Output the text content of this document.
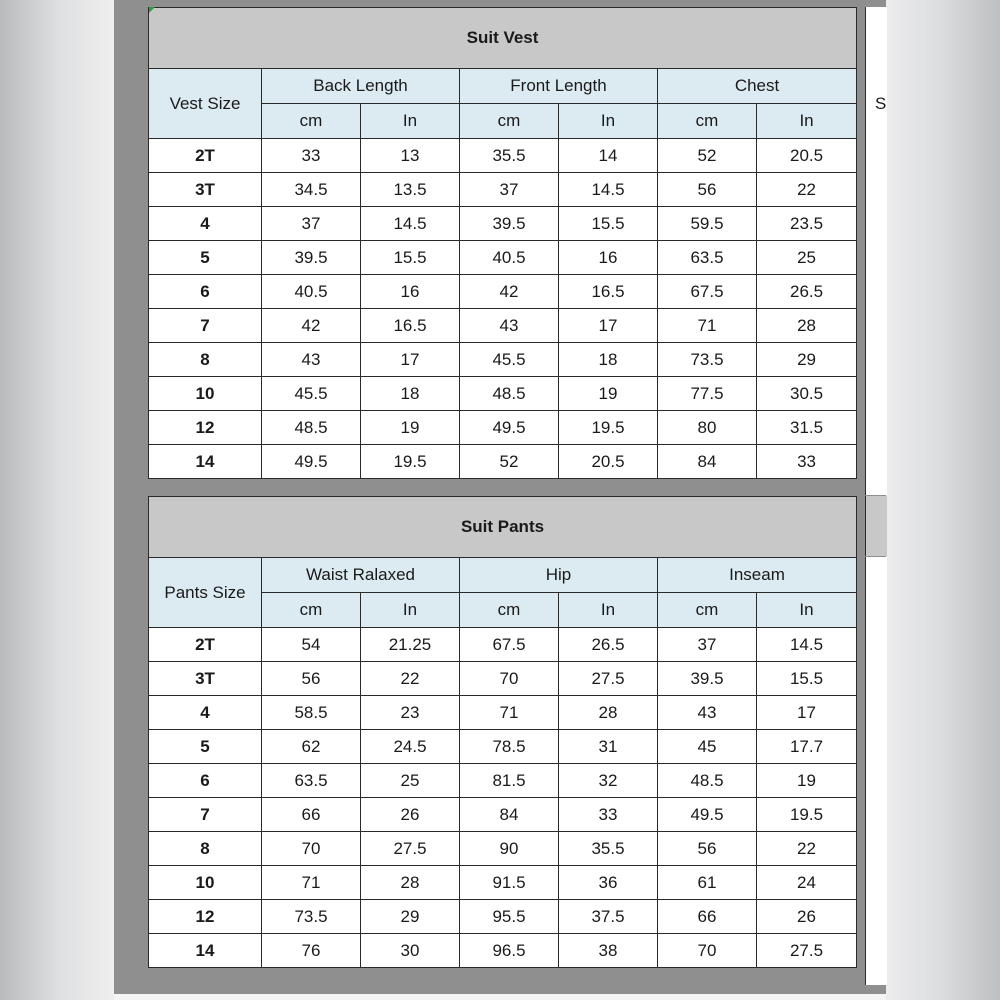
Suit Vest						
Vest Size	Back Length		Front Length		Chest	
	cm	In	cm	In	cm	In
2T	33	13	35.5	14	52	20.5
3T	34.5	13.5	37	14.5	56	22
4	37	14.5	39.5	15.5	59.5	23.5
5	39.5	15.5	40.5	16	63.5	25
6	40.5	16	42	16.5	67.5	26.5
7	42	16.5	43	17	71	28
8	43	17	45.5	18	73.5	29
10	45.5	18	48.5	19	77.5	30.5
12	48.5	19	49.5	19.5	80	31.5
14	49.5	19.5	52	20.5	84	33
Suit Pants						
Pants Size	Waist Ralaxed		Hip		Inseam	
	cm	In	cm	In	cm	In
2T	54	21.25	67.5	26.5	37	14.5
3T	56	22	70	27.5	39.5	15.5
4	58.5	23	71	28	43	17
5	62	24.5	78.5	31	45	17.7
6	63.5	25	81.5	32	48.5	19
7	66	26	84	33	49.5	19.5
8	70	27.5	90	35.5	56	22
10	71	28	91.5	36	61	24
12	73.5	29	95.5	37.5	66	26
14	76	30	96.5	38	70	27.5
S
